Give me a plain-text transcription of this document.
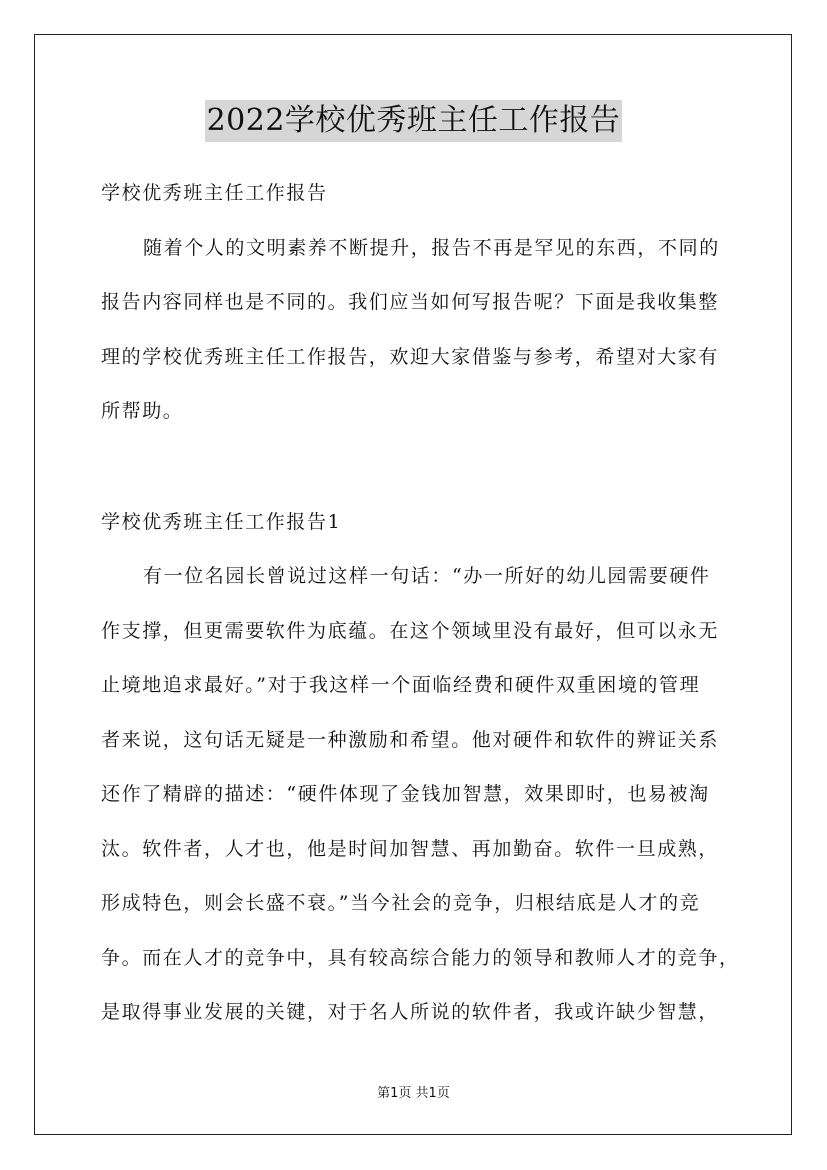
2022学校优秀班主任工作报告
学校优秀班主任工作报告
随着个人的文明素养不断提升，报告不再是罕见的东西，不同的
报告内容同样也是不同的。我们应当如何写报告呢？下面是我收集整
理的学校优秀班主任工作报告，欢迎大家借鉴与参考，希望对大家有
所帮助。
学校优秀班主任工作报告1
有一位名园长曾说过这样一句话：“办一所好的幼儿园需要硬件
作支撑，但更需要软件为底蕴。在这个领域里没有最好，但可以永无
止境地追求最好。”对于我这样一个面临经费和硬件双重困境的管理
者来说，这句话无疑是一种激励和希望。他对硬件和软件的辨证关系
还作了精辟的描述：“硬件体现了金钱加智慧，效果即时，也易被淘
汰。软件者，人才也，他是时间加智慧、再加勤奋。软件一旦成熟，
形成特色，则会长盛不衰。”当今社会的竞争，归根结底是人才的竞
争。而在人才的竞争中，具有较高综合能力的领导和教师人才的竞争，
是取得事业发展的关键，对于名人所说的软件者，我或许缺少智慧，
第1页 共1页
